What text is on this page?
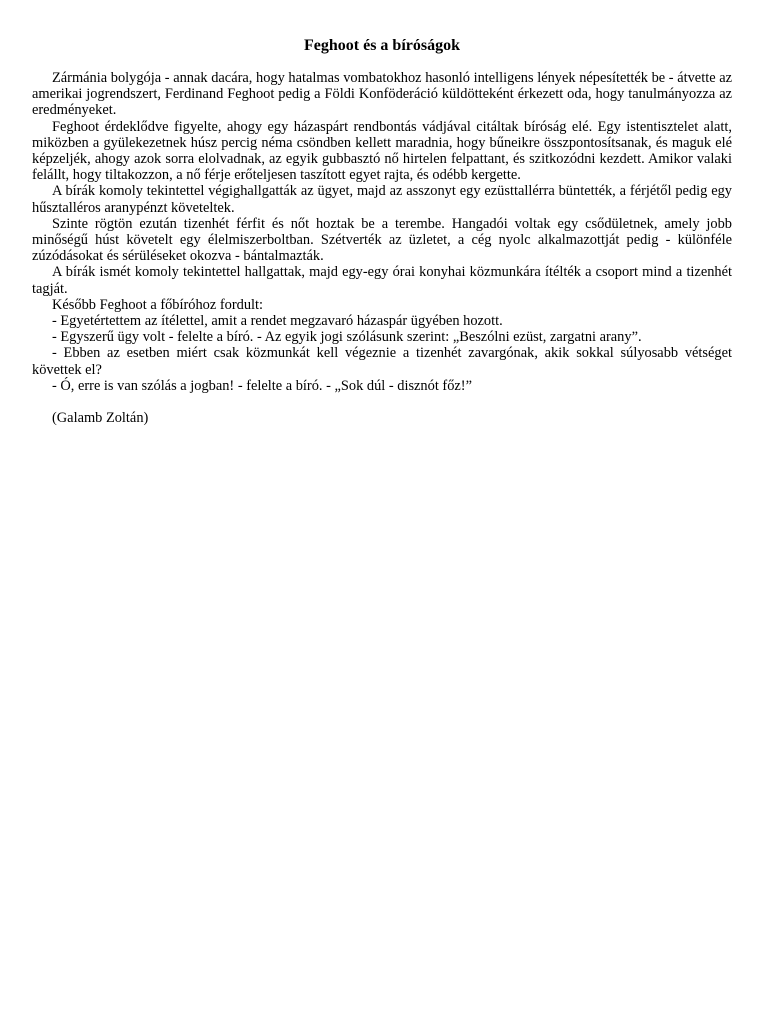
Feghoot és a bíróságok

Zármánia bolygója - annak dacára, hogy hatalmas vombatokhoz hasonló intelligens lények népesítették be - átvette az amerikai jogrendszert, Ferdinand Feghoot pedig a Földi Konföderáció küldötteként érkezett oda, hogy tanulmányozza az eredményeket.

Feghoot érdeklődve figyelte, ahogy egy házaspárt rendbontás vádjával citáltak bíróság elé. Egy istentisztelet alatt, miközben a gyülekezetnek húsz percig néma csöndben kellett maradnia, hogy bűneikre összpontosítsanak, és maguk elé képzeljék, ahogy azok sorra elolvadnak, az egyik gubbasztó nő hirtelen felpattant, és szitkozódni kezdett. Amikor valaki felállt, hogy tiltakozzon, a nő férje erőteljesen taszított egyet rajta, és odébb kergette.

A bírák komoly tekintettel végighallgatták az ügyet, majd az asszonyt egy ezüsttallérra büntették, a férjétől pedig egy hűsztalléros aranypénzt követeltek.

Szinte rögtön ezután tizenhét férfit és nőt hoztak be a terembe. Hangadói voltak egy csődületnek, amely jobb minőségű húst követelt egy élelmiszerboltban. Szétverték az üzletet, a cég nyolc alkalmazottját pedig - különféle zúzódásokat és sérüléseket okozva - bántalmazták.

A bírák ismét komoly tekintettel hallgattak, majd egy-egy órai konyhai közmunkára ítélték a csoport mind a tizenhét tagját.

Később Feghoot a főbíróhoz fordult:

- Egyetértettem az ítélettel, amit a rendet megzavaró házaspár ügyében hozott.

- Egyszerű ügy volt - felelte a bíró. - Az egyik jogi szólásunk szerint: „Beszólni ezüst, zargatni arany”.

- Ebben az esetben miért csak közmunkát kell végeznie a tizenhét zavargónak, akik sokkal súlyosabb vétséget követtek el?

- Ó, erre is van szólás a jogban! - felelte a bíró. - „Sok dúl - disznót főz!”

(Galamb Zoltán)
